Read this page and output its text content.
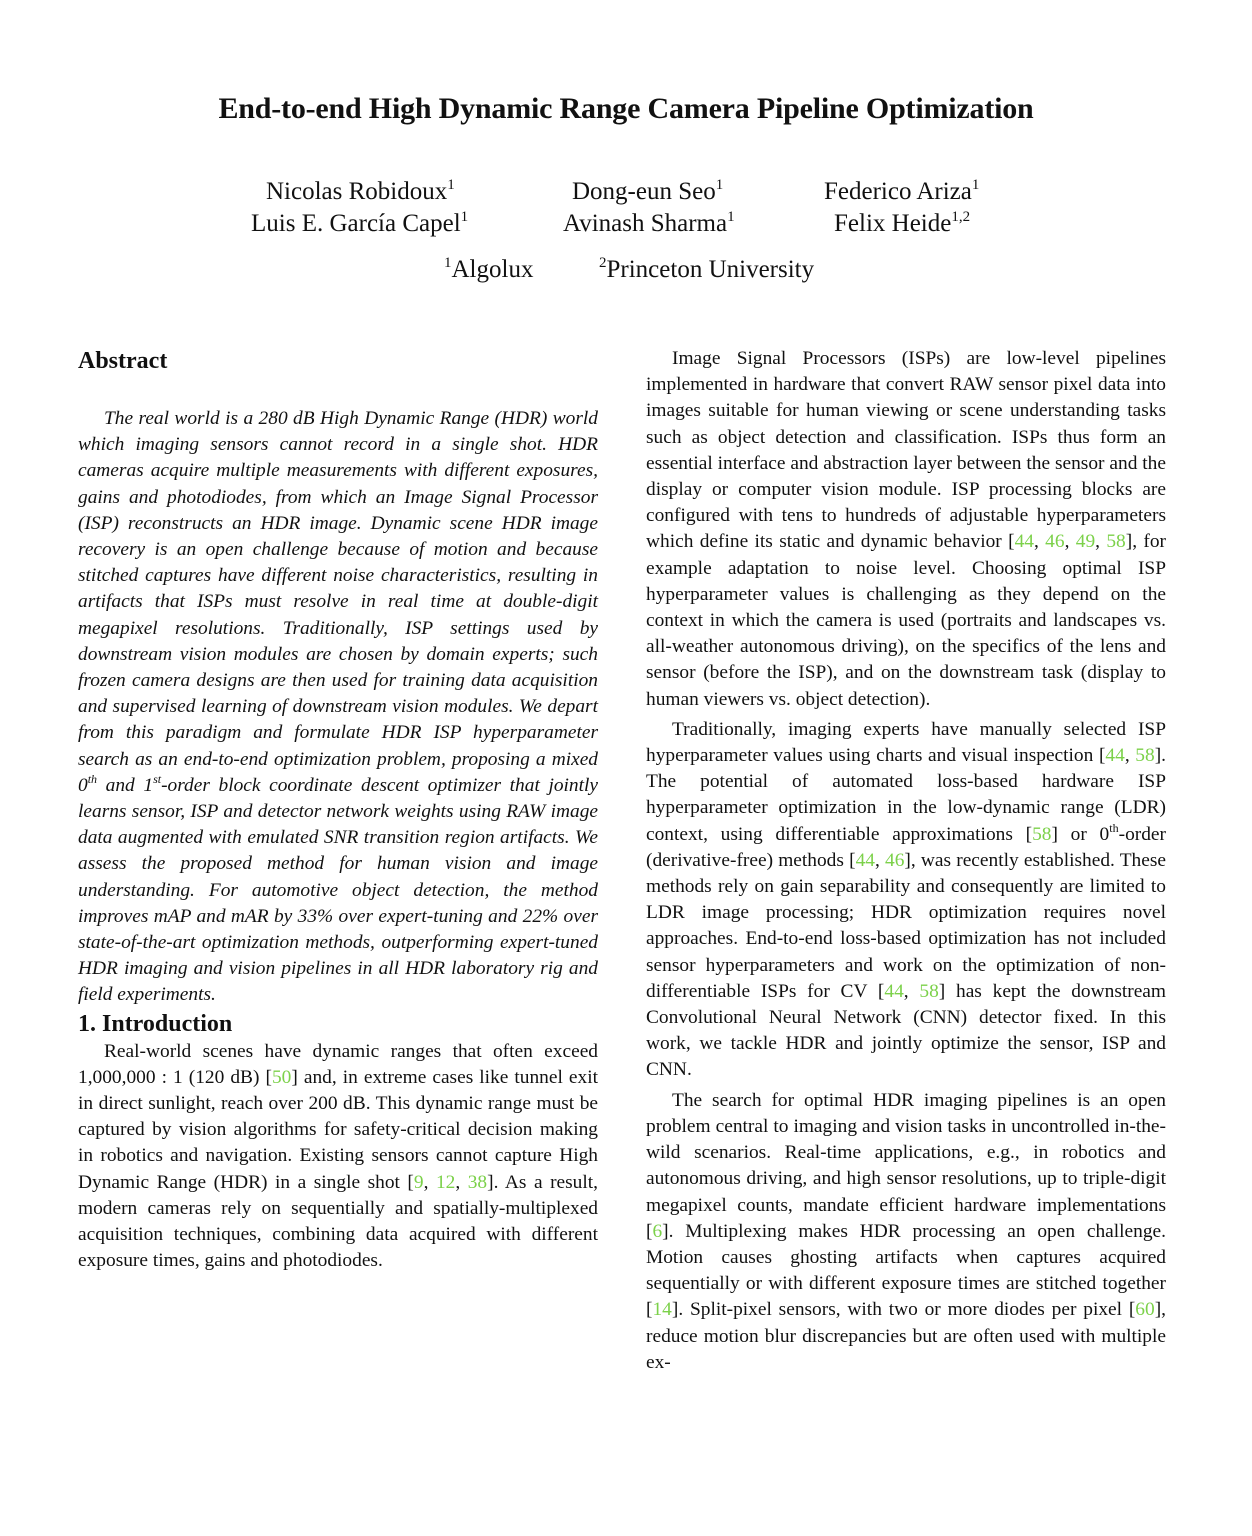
End-to-end High Dynamic Range Camera Pipeline Optimization
Nicolas Robidoux$^1$	Dong-eun Seo$^1$	Federico Ariza$^1$
Luis E. García Capel$^1$	Avinash Sharma$^1$	Felix Heide$^{1,2}$
$^1$Algolux	$^2$Princeton University

Abstract

The real world is a 280 dB High Dynamic Range (HDR) world which imaging sensors cannot record in a single shot. HDR cameras acquire multiple measurements with different exposures, gains and photodiodes, from which an Image Signal Processor (ISP) reconstructs an HDR image. Dynamic scene HDR image recovery is an open challenge because of motion and because stitched captures have different noise characteristics, resulting in artifacts that ISPs must resolve in real time at double-digit megapixel resolutions. Traditionally, ISP settings used by downstream vision modules are chosen by domain experts; such frozen camera designs are then used for training data acquisition and supervised learning of downstream vision modules. We depart from this paradigm and formulate HDR ISP hyperparameter search as an end-to-end optimization problem, proposing a mixed 0th and 1st-order block coordinate descent optimizer that jointly learns sensor, ISP and detector network weights using RAW image data augmented with emulated SNR transition region artifacts. We assess the proposed method for human vision and image understanding. For automotive object detection, the method improves mAP and mAR by 33% over expert-tuning and 22% over state-of-the-art optimization methods, outperforming expert-tuned HDR imaging and vision pipelines in all HDR laboratory rig and field experiments.

1. Introduction

Real-world scenes have dynamic ranges that often exceed 1,000,000 : 1 (120 dB) [50] and, in extreme cases like tunnel exit in direct sunlight, reach over 200 dB. This dynamic range must be captured by vision algorithms for safety-critical decision making in robotics and navigation. Existing sensors cannot capture High Dynamic Range (HDR) in a single shot [9, 12, 38]. As a result, modern cameras rely on sequentially and spatially-multiplexed acquisition techniques, combining data acquired with different exposure times, gains and photodiodes.

Image Signal Processors (ISPs) are low-level pipelines implemented in hardware that convert RAW sensor pixel data into images suitable for human viewing or scene understanding tasks such as object detection and classification. ISPs thus form an essential interface and abstraction layer between the sensor and the display or computer vision module. ISP processing blocks are configured with tens to hundreds of adjustable hyperparameters which define its static and dynamic behavior [44, 46, 49, 58], for example adaptation to noise level. Choosing optimal ISP hyperparameter values is challenging as they depend on the context in which the camera is used (portraits and landscapes vs. all-weather autonomous driving), on the specifics of the lens and sensor (before the ISP), and on the downstream task (display to human viewers vs. object detection).

Traditionally, imaging experts have manually selected ISP hyperparameter values using charts and visual inspection [44, 58]. The potential of automated loss-based hardware ISP hyperparameter optimization in the low-dynamic range (LDR) context, using differentiable approximations [58] or 0th-order (derivative-free) methods [44, 46], was recently established. These methods rely on gain separability and consequently are limited to LDR image processing; HDR optimization requires novel approaches. End-to-end loss-based optimization has not included sensor hyperparameters and work on the optimization of non-differentiable ISPs for CV [44, 58] has kept the downstream Convolutional Neural Network (CNN) detector fixed. In this work, we tackle HDR and jointly optimize the sensor, ISP and CNN.

The search for optimal HDR imaging pipelines is an open problem central to imaging and vision tasks in uncontrolled in-the-wild scenarios. Real-time applications, e.g., in robotics and autonomous driving, and high sensor resolutions, up to triple-digit megapixel counts, mandate efficient hardware implementations [6]. Multiplexing makes HDR processing an open challenge. Motion causes ghosting artifacts when captures acquired sequentially or with different exposure times are stitched together [14]. Split-pixel sensors, with two or more diodes per pixel [60], reduce motion blur discrepancies but are often used with multiple ex-
